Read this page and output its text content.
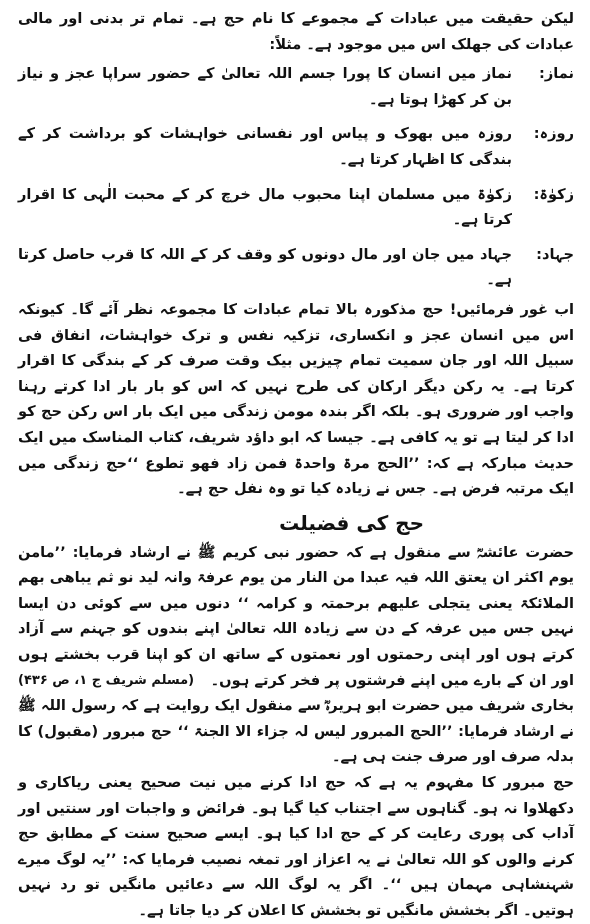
لیکن حقیقت میں عبادات کے مجموعے کا نام حج ہے۔ تمام تر بدنی اور مالی عبادات کی جھلک اس میں موجود ہے۔ مثلاً:

نماز:
نماز میں انسان کا پورا جسم اللہ تعالیٰ کے حضور سراپا عجز و نیاز بن کر کھڑا ہوتا ہے۔
روزہ:
روزہ میں بھوک و پیاس اور نفسانی خواہشات کو برداشت کر کے بندگی کا اظہار کرتا ہے۔
زکوٰۃ:
زکوٰۃ میں مسلمان اپنا محبوب مال خرچ کر کے محبت الٰہی کا اقرار کرتا ہے۔
جہاد:
جہاد میں جان اور مال دونوں کو وقف کر کے اللہ کا قرب حاصل کرتا ہے۔

اب غور فرمائیں! حج مذکورہ بالا تمام عبادات کا مجموعہ نظر آئے گا۔ کیونکہ اس میں انسان عجز و انکساری، تزکیہ نفس و ترک خواہشات، انفاق فی سبیل اللہ اور جان سمیت تمام چیزیں بیک وقت صرف کر کے بندگی کا اقرار کرتا ہے۔ یہ رکن دیگر ارکان کی طرح نہیں کہ اس کو بار بار ادا کرتے رہنا واجب اور ضروری ہو۔ بلکہ اگر بندہ مومن زندگی میں ایک بار اس رکن حج کو ادا کر لیتا ہے تو یہ کافی ہے۔ جیسا کہ ابو داؤد شریف، کتاب المناسک میں ایک حدیث مبارکہ ہے کہ: ’’الحج مرۃ واحدۃ فمن زاد فھو تطوع ‘‘حج زندگی میں ایک مرتبہ فرض ہے۔ جس نے زیادہ کیا تو وہ نفل حج ہے۔

حج کی فضیلت

حضرت عائشہؓ سے منقول ہے کہ حضور نبی کریم ﷺ نے ارشاد فرمایا: ’’مامن یوم اکثر ان یعتق اللہ فیہ عبدا من النار من یوم عرفۃ وانہ لید نو ثم یباھی بھم الملائکۃ یعنی یتجلی علیھم برحمتہ و کرامہ ‘‘ دنوں میں سے کوئی دن ایسا نہیں جس میں عرفہ کے دن سے زیادہ اللہ تعالیٰ اپنے بندوں کو جہنم سے آزاد کرتے ہوں اور اپنی رحمتوں اور نعمتوں کے ساتھ ان کو اپنا قرب بخشتے ہوں اور ان کے بارے میں اپنے فرشتوں پر فخر کرتے ہوں۔
(مسلم شریف ج ۱، ص ۴۳۶)

بخاری شریف میں حضرت ابو ہریرہؓ سے منقول ایک روایت ہے کہ رسول اللہ ﷺ نے ارشاد فرمایا: ’’الحج المبرور لیس لہ جزاء الا الجنۃ ‘‘ حج مبرور (مقبول) کا بدلہ صرف اور صرف جنت ہی ہے۔

حج مبرور کا مفہوم یہ ہے کہ حج ادا کرنے میں نیت صحیح یعنی ریاکاری و دکھلاوا نہ ہو۔ گناہوں سے اجتناب کیا گیا ہو۔ فرائض و واجبات اور سنتیں اور آداب کی پوری رعایت کر کے حج ادا کیا ہو۔ ایسے صحیح سنت کے مطابق حج کرنے والوں کو اللہ تعالیٰ نے یہ اعزاز اور تمغہ نصیب فرمایا کہ: ’’یہ لوگ میرے شہنشاہی مہمان ہیں ‘‘۔ اگر یہ لوگ اللہ سے دعائیں مانگیں تو رد نہیں ہوتیں۔ اگر بخشش مانگیں تو بخشش کا اعلان کر دیا جاتا ہے۔
